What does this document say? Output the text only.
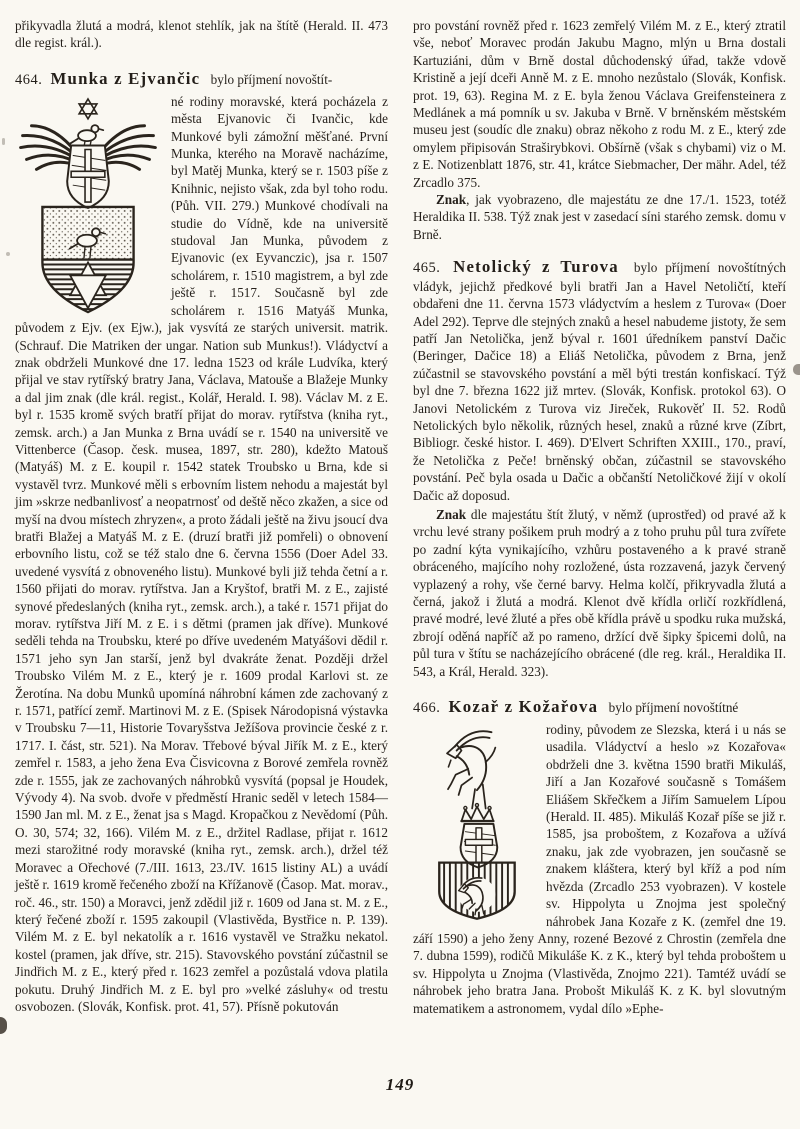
přikyvadla žlutá a modrá, klenot stehlík, jak na štítě (Herald. II. 473 dle regist. král.).

464. Munka z Ejvančic bylo příjmení novoštít-

né rodiny moravské, která pocházela z města Ejvanovic či Ivančic, kde Munkové byli zámožní měšťané. První Munka, kterého na Moravě nacházíme, byl Matěj Munka, který se r. 1503 píše z Knihnic, nejisto však, zda byl toho rodu. (Půh. VII. 279.) Munkové chodívali na studie do Vídně, kde na universitě studoval Jan Munka, původem z Ejvanovic (ex Eyvanczic), jsa r. 1507 scholárem, r. 1510 magistrem, a byl zde ještě r. 1517. Současně byl zde scholárem r. 1516 Matyáš Munka, původem z Ejv. (ex Ejw.), jak vysvítá ze starých universit. matrik. (Schrauf. Die Matriken der ungar. Nation sub Munkus!). Vládyctví a znak obdrželi Munkové dne 17. ledna 1523 od krále Ludvíka, který přijal ve stav rytířský bratry Jana, Václava, Matouše a Blažeje Munky a dal jim znak (dle král. regist., Kolář, Herald. I. 98). Václav M. z E. byl r. 1535 kromě svých bratří přijat do morav. rytířstva (kniha ryt., zemsk. arch.) a Jan Munka z Brna uvádí se r. 1540 na universitě ve Vittenberce (Časop. česk. musea, 1897, str. 280), kdežto Matouš (Matyáš) M. z E. koupil r. 1542 statek Troubsko u Brna, kde si vystavěl tvrz. Munkové měli s erbovním listem nehodu a majestát byl jim »skrze nedbanlivosť a neopatrnosť od deště něco zkažen, a sice od myší na dvou místech zhryzen«, a proto žádali ještě na živu jsoucí dva bratři Blažej a Matyáš M. z E. (druzí bratři již pomřeli) o obnovení erbovního listu, což se též stalo dne 6. června 1556 (Doer Adel 33. uvedené vysvítá z obnoveného listu). Munkové byli již tehda četní a r. 1560 přijati do morav. rytířstva. Jan a Kryštof, bratři M. z E., zajisté synové předeslaných (kniha ryt., zemsk. arch.), a také r. 1571 přijat do morav. rytířstva Jiří M. z E. i s dětmi (pramen jak dříve). Munkové seděli tehda na Troubsku, které po dříve uvedeném Matyášovi dědil r. 1571 jeho syn Jan starší, jenž byl dvakráte ženat. Později držel Troubsko Vilém M. z E., který je r. 1609 prodal Karlovi st. ze Žerotína. Na dobu Munků upomíná náhrobní kámen zde zachovaný z r. 1571, patřící zemř. Martinovi M. z E. (Spisek Národopisná výstavka v Troubsku 7—11, Historie Tovaryšstva Ježíšova provincie české z r. 1717. I. část, str. 521). Na Morav. Třebové býval Jiřík M. z E., který zemřel r. 1583, a jeho žena Eva Čisvicovna z Borové zemřela rovněž zde r. 1555, jak ze zachovaných náhrobků vysvítá (popsal je Houdek, Vývody 4). Na svob. dvoře v předměstí Hranic seděl v letech 1584—1590 Jan ml. M. z E., ženat jsa s Magd. Kropačkou z Nevědomí (Půh. O. 30, 574; 32, 166). Vilém M. z E., držitel Radlase, přijat r. 1612 mezi starožitné rody moravské (kniha ryt., zemsk. arch.), držel též Moravec a Ořechové (7./III. 1613, 23./IV. 1615 listiny AL) a uvádí ještě r. 1619 kromě řečeného zboží na Křížanově (Časop. Mat. morav., roč. 46., str. 150) a Moravci, jenž zdědil již r. 1609 od Jana st. M. z E., který řečené zboží r. 1595 zakoupil (Vlastivěda, Bystřice n. P. 139). Vilém M. z E. byl nekatolík a r. 1616 vystavěl ve Stražku nekatol. kostel (pramen, jak dříve, str. 215). Stavovského povstání zúčastnil se Jindřich M. z E., který před r. 1623 zemřel a pozůstalá vdova platila pokutu. Druhý Jindřich M. z E. byl pro »velké zásluhy« od trestu osvobozen. (Slovák, Konfisk. prot. 41, 57). Přísně pokutován

pro povstání rovněž před r. 1623 zemřelý Vilém M. z E., který ztratil vše, neboť Moravec prodán Jakubu Magno, mlýn u Brna dostali Kartuziáni, dům v Brně dostal důchodenský úřad, takže vdově Kristině a její dceři Anně M. z E. mnoho nezůstalo (Slovák, Konfisk. prot. 19, 63). Regina M. z E. byla ženou Václava Greifensteinera z Medlánek a má pomník u sv. Jakuba v Brně. V brněnském městském museu jest (soudíc dle znaku) obraz někoho z rodu M. z E., který zde omylem připisován Straširybkovi. Obšírně (však s chybami) viz o M. z E. Notizenblatt 1876, str. 41, krátce Siebmacher, Der mähr. Adel, též Zrcadlo 375.

Znak, jak vyobrazeno, dle majestátu ze dne 17./1. 1523, totéž Heraldika II. 538. Týž znak jest v zasedací síni starého zemsk. domu v Brně.

465. Netolický z Turova bylo příjmení novoštítných vládyk, jejichž předkové byli bratři Jan a Havel Netoličtí, kteří obdařeni dne 11. června 1573 vládyctvím a heslem z Turova« (Doer Adel 292). Teprve dle stejných znaků a hesel nabudeme jistoty, že sem patří Jan Netolička, jenž býval r. 1601 úředníkem panství Dačic (Beringer, Dačice 18) a Eliáš Netolička, původem z Brna, jenž zúčastnil se stavovského povstání a měl býti trestán konfiskací. Týž byl dne 7. března 1622 již mrtev. (Slovák, Konfisk. protokol 63). O Janovi Netolickém z Turova viz Jireček, Rukověť II. 52. Rodů Netolických bylo několik, různých hesel, znaků a různé krve (Zíbrt, Bibliogr. české histor. I. 469). D'Elvert Schriften XXIII., 170., praví, že Netolička z Peče! brněnský občan, zúčastnil se stavovského povstání. Peč byla osada u Dačic a občanští Netoličkové žijí v okolí Dačic až doposud.

Znak dle majestátu štít žlutý, v němž (uprostřed) od pravé až k vrchu levé strany pošikem pruh modrý a z toho pruhu půl tura zvířete po zadní kýta vynikajícího, vzhůru postaveného a k pravé straně obráceného, majícího nohy rozložené, ústa rozzavená, jazyk červený vyplazený a rohy, vše černé barvy. Helma kolčí, přikryvadla žlutá a černá, jakož i žlutá a modrá. Klenot dvě křídla orličí rozkřídlená, pravé modré, levé žluté a přes obě křídla právě u spodku ruka mužská, zbrojí oděná napříč až po rameno, držící dvě šipky špicemi dolů, na půl tura v štítu se nacházejícího obrácené (dle reg. král., Heraldika II. 543, a Král, Herald. 323).

466. Kozař z Kožařova bylo příjmení novoštítné

rodiny, původem ze Slezska, která i u nás se usadila. Vládyctví a heslo »z Kozařova« obdrželi dne 3. května 1590 bratři Mikuláš, Jiří a Jan Kozařové současně s Tomášem Eliášem Skřečkem a Jiřím Samuelem Lípou (Herald. II. 485). Mikuláš Kozař píše se již r. 1585, jsa proboštem, z Kozařova a užívá znaku, jak zde vyobrazen, jen současně se znakem kláštera, který byl kříž a pod ním hvězda (Zrcadlo 253 vyobrazen). V kostele sv. Hippolyta u Znojma jest společný náhrobek Jana Kozaře z K. (zemřel dne 19. září 1590) a jeho ženy Anny, rozené Bezové z Chrostin (zemřela dne 7. dubna 1599), rodičů Mikuláše K. z K., který byl tehda proboštem u sv. Hippolyta u Znojma (Vlastivěda, Znojmo 221). Tamtéž uvádí se náhrobek jeho bratra Jana. Probošt Mikuláš K. z K. byl slovutným matematikem a astronomem, vydal dílo »Ephe-

149
